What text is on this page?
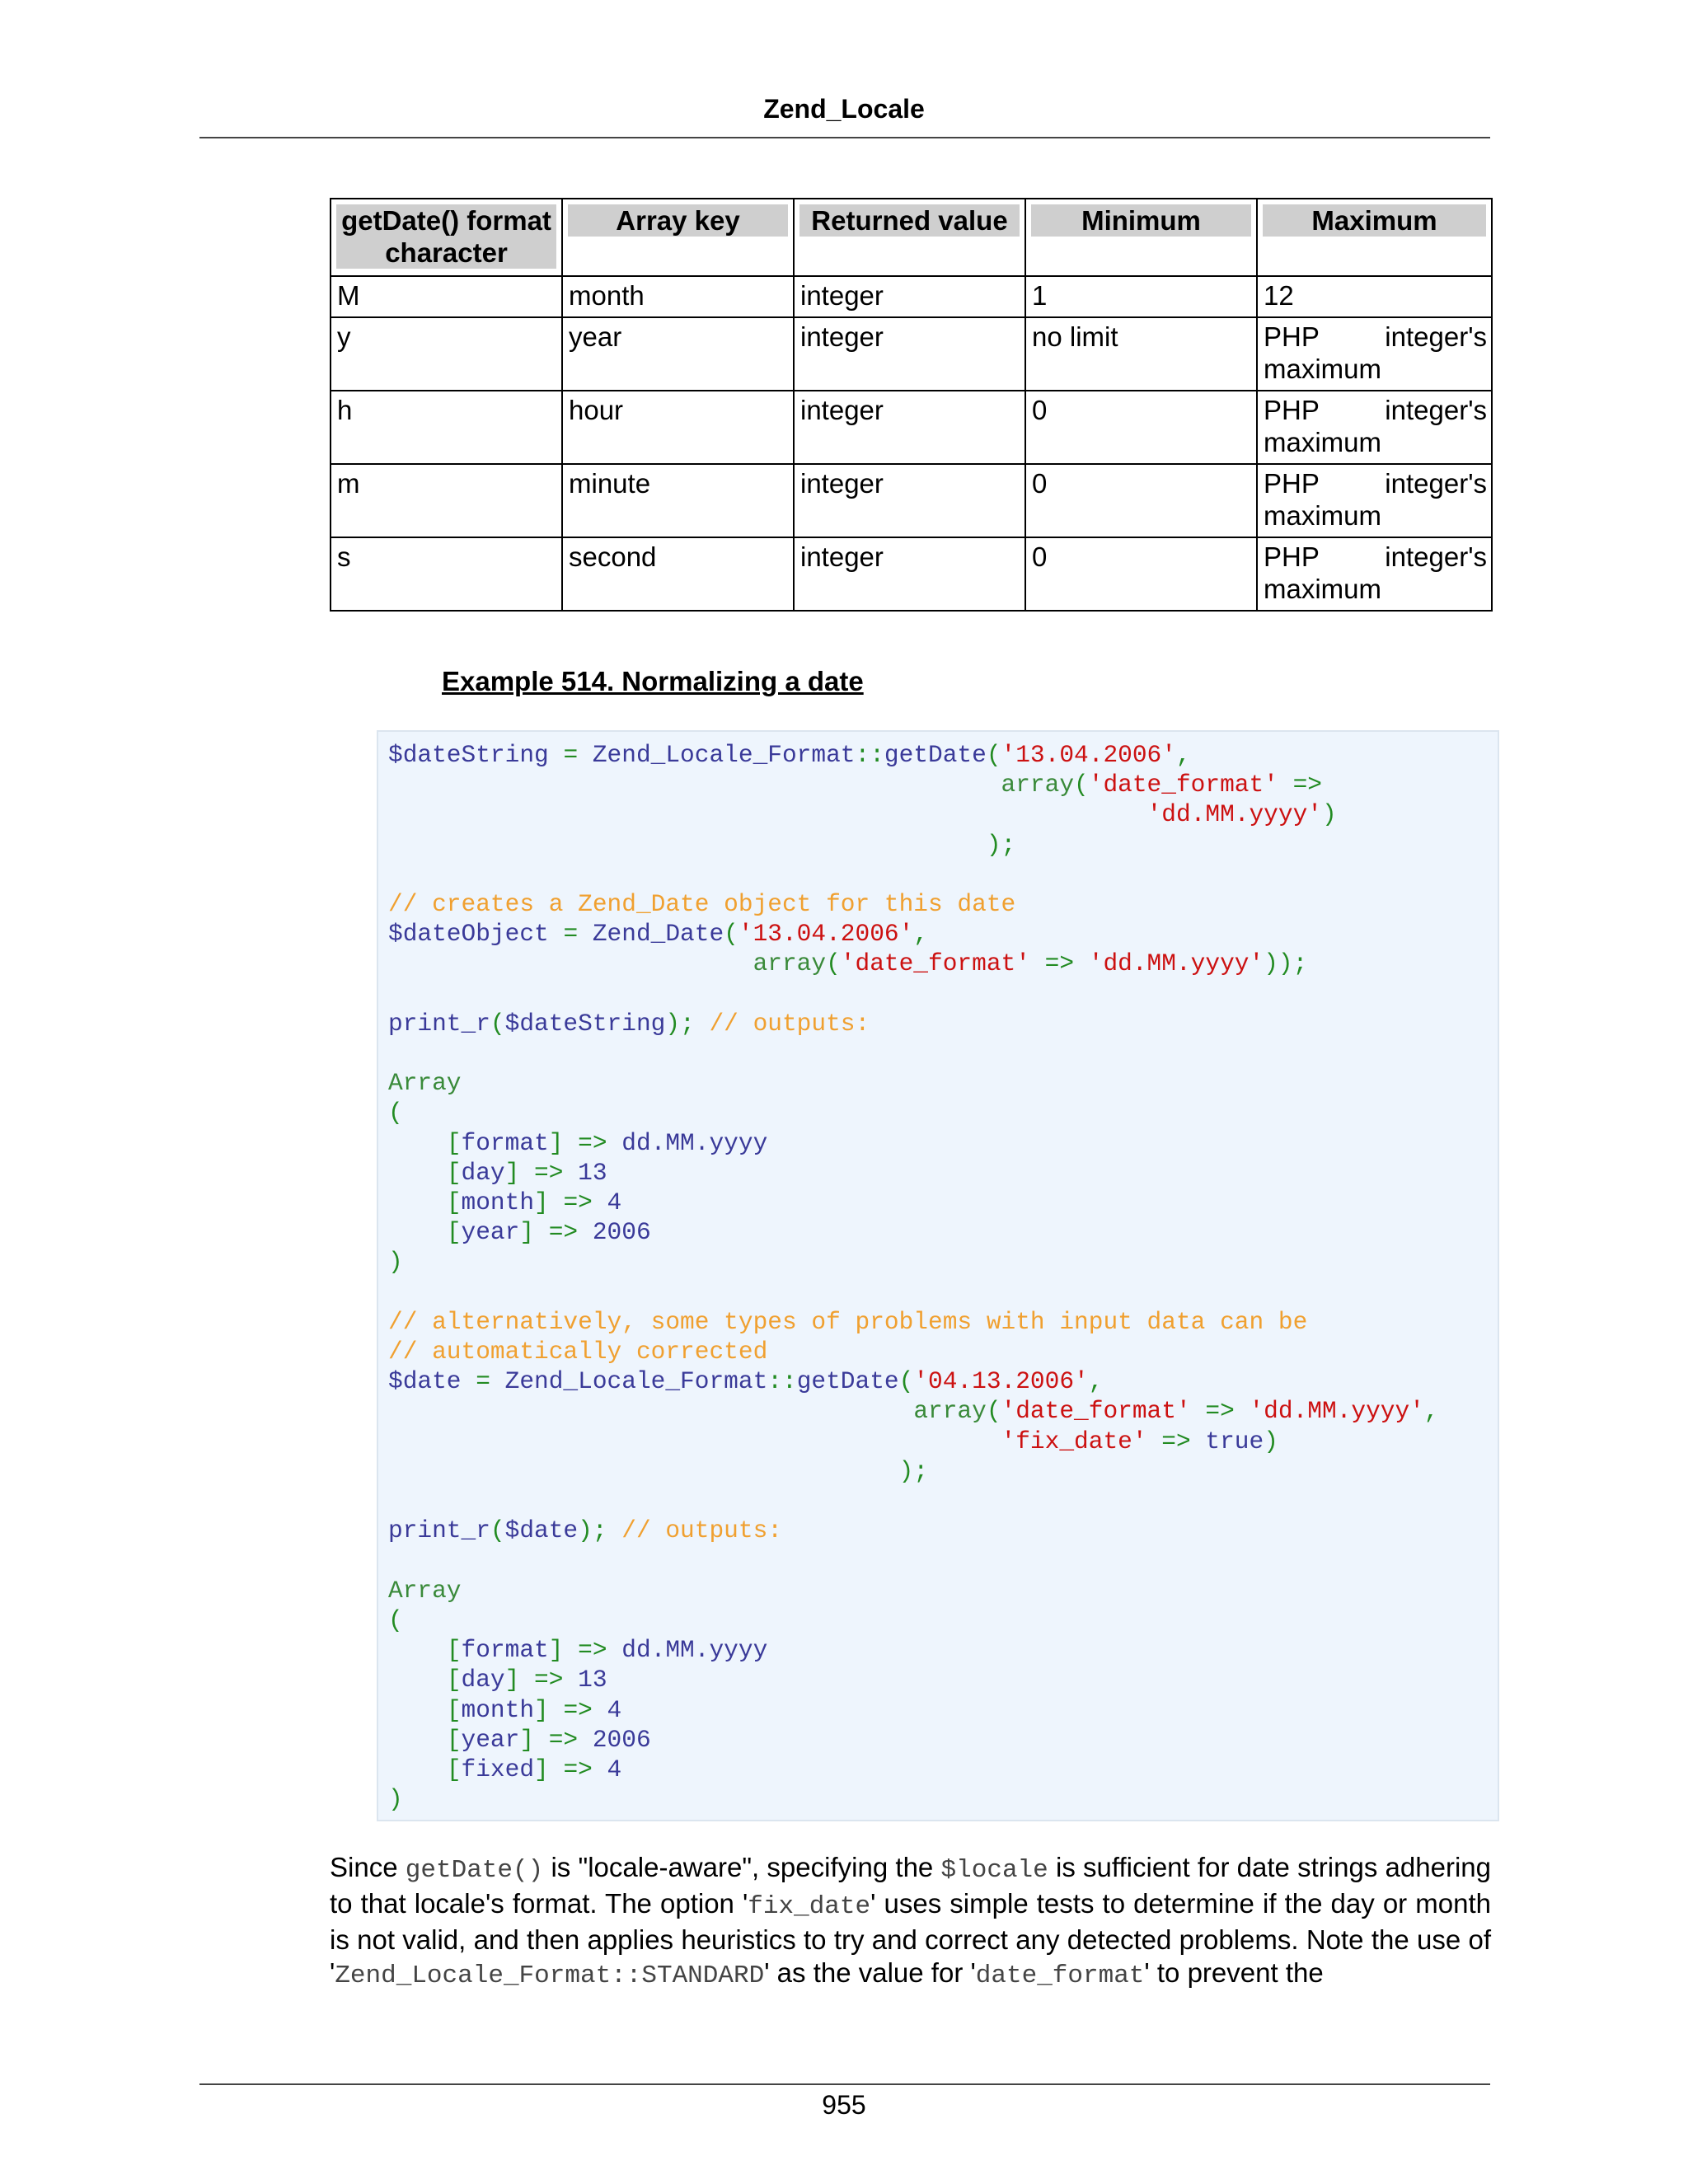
Zend_Locale
getDate() format character	Array key	Returned value	Minimum	Maximum

M	month	integer	1	12
y	year	integer	no limit	PHP integer's
maximum

h	hour	integer	0	PHP integer's
maximum

m	minute	integer	0	PHP integer's
maximum

s	second	integer	0	PHP integer's
maximum
Example 514. Normalizing a date
$dateString = Zend_Locale_Format::getDate('13.04.2006',
array('date_format' =>
'dd.MM.yyyy')
);

// creates a Zend_Date object for this date
$dateObject = Zend_Date('13.04.2006',
array('date_format' => 'dd.MM.yyyy'));

print_r($dateString); // outputs:

Array
(
[format] => dd.MM.yyyy
[day] => 13
[month] => 4
[year] => 2006
)

// alternatively, some types of problems with input data can be
// automatically corrected
$date = Zend_Locale_Format::getDate('04.13.2006',
array('date_format' => 'dd.MM.yyyy',
'fix_date' => true)
);

print_r($date); // outputs:

Array
(
[format] => dd.MM.yyyy
[day] => 13
[month] => 4
[year] => 2006
[fixed] => 4
)
Since getDate() is "locale-aware", specifying the $locale is sufficient for date strings adhering to that locale's format. The option 'fix_date' uses simple tests to determine if the day or month is not valid, and then applies heuristics to try and correct any detected problems. Note the use of 'Zend_Locale_Format::STANDARD' as the value for 'date_format' to prevent the
955
